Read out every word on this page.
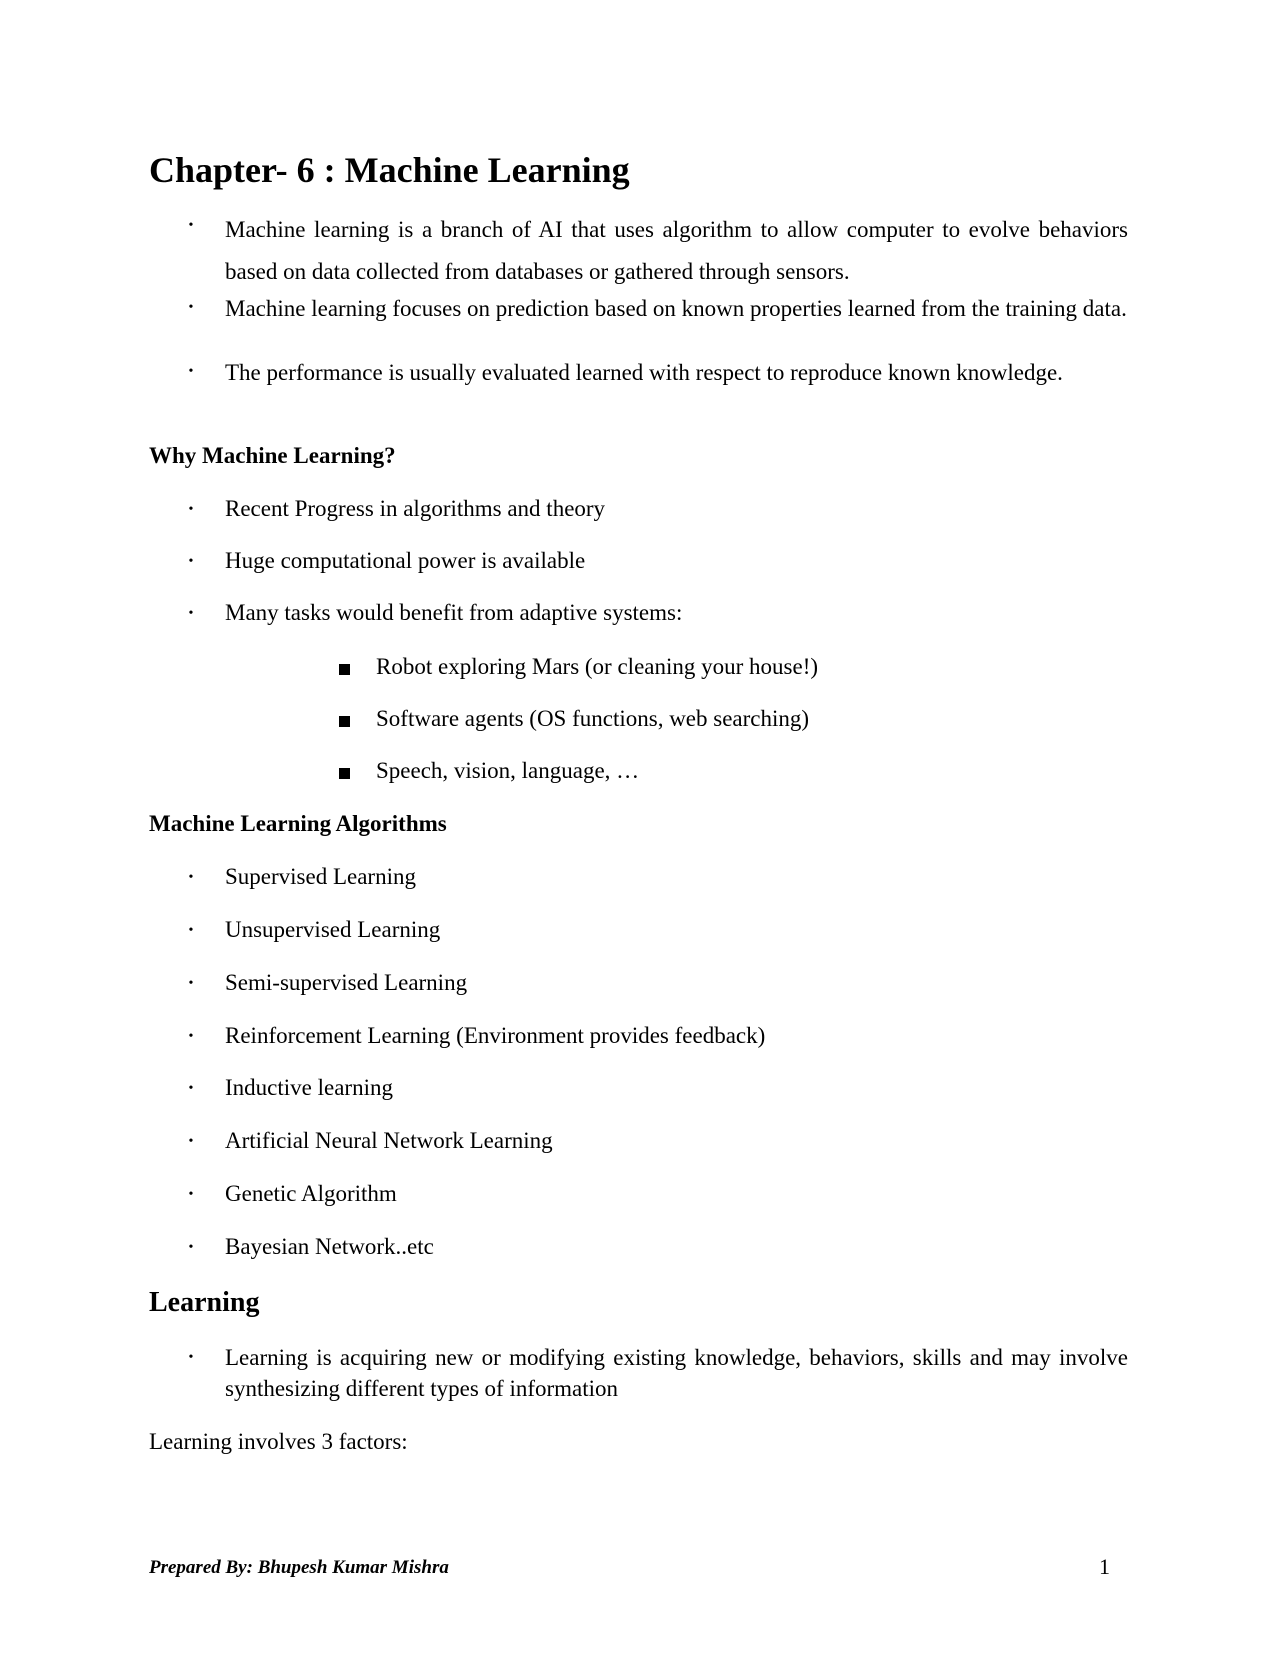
Chapter- 6 : Machine Learning
• Machine learning is a branch of AI that uses algorithm to allow computer to evolve behaviors based on data collected from databases or gathered through sensors.
• Machine learning focuses on prediction based on known properties learned from the training data.
• The performance is usually evaluated learned with respect to reproduce known knowledge.
Why Machine Learning?
• Recent Progress in algorithms and theory
• Huge computational power is available
• Many tasks would benefit from adaptive systems:
Robot exploring Mars (or cleaning your house!)
Software agents (OS functions, web searching)
Speech, vision, language, …
Machine Learning Algorithms
• Supervised Learning
• Unsupervised Learning
• Semi-supervised Learning
• Reinforcement Learning (Environment provides feedback)
• Inductive learning
• Artificial Neural Network Learning
• Genetic Algorithm
• Bayesian Network..etc
Learning
• Learning is acquiring new or modifying existing knowledge, behaviors, skills and may involve synthesizing different types of information

Learning involves 3 factors:

Prepared By: Bhupesh Kumar Mishra	1
